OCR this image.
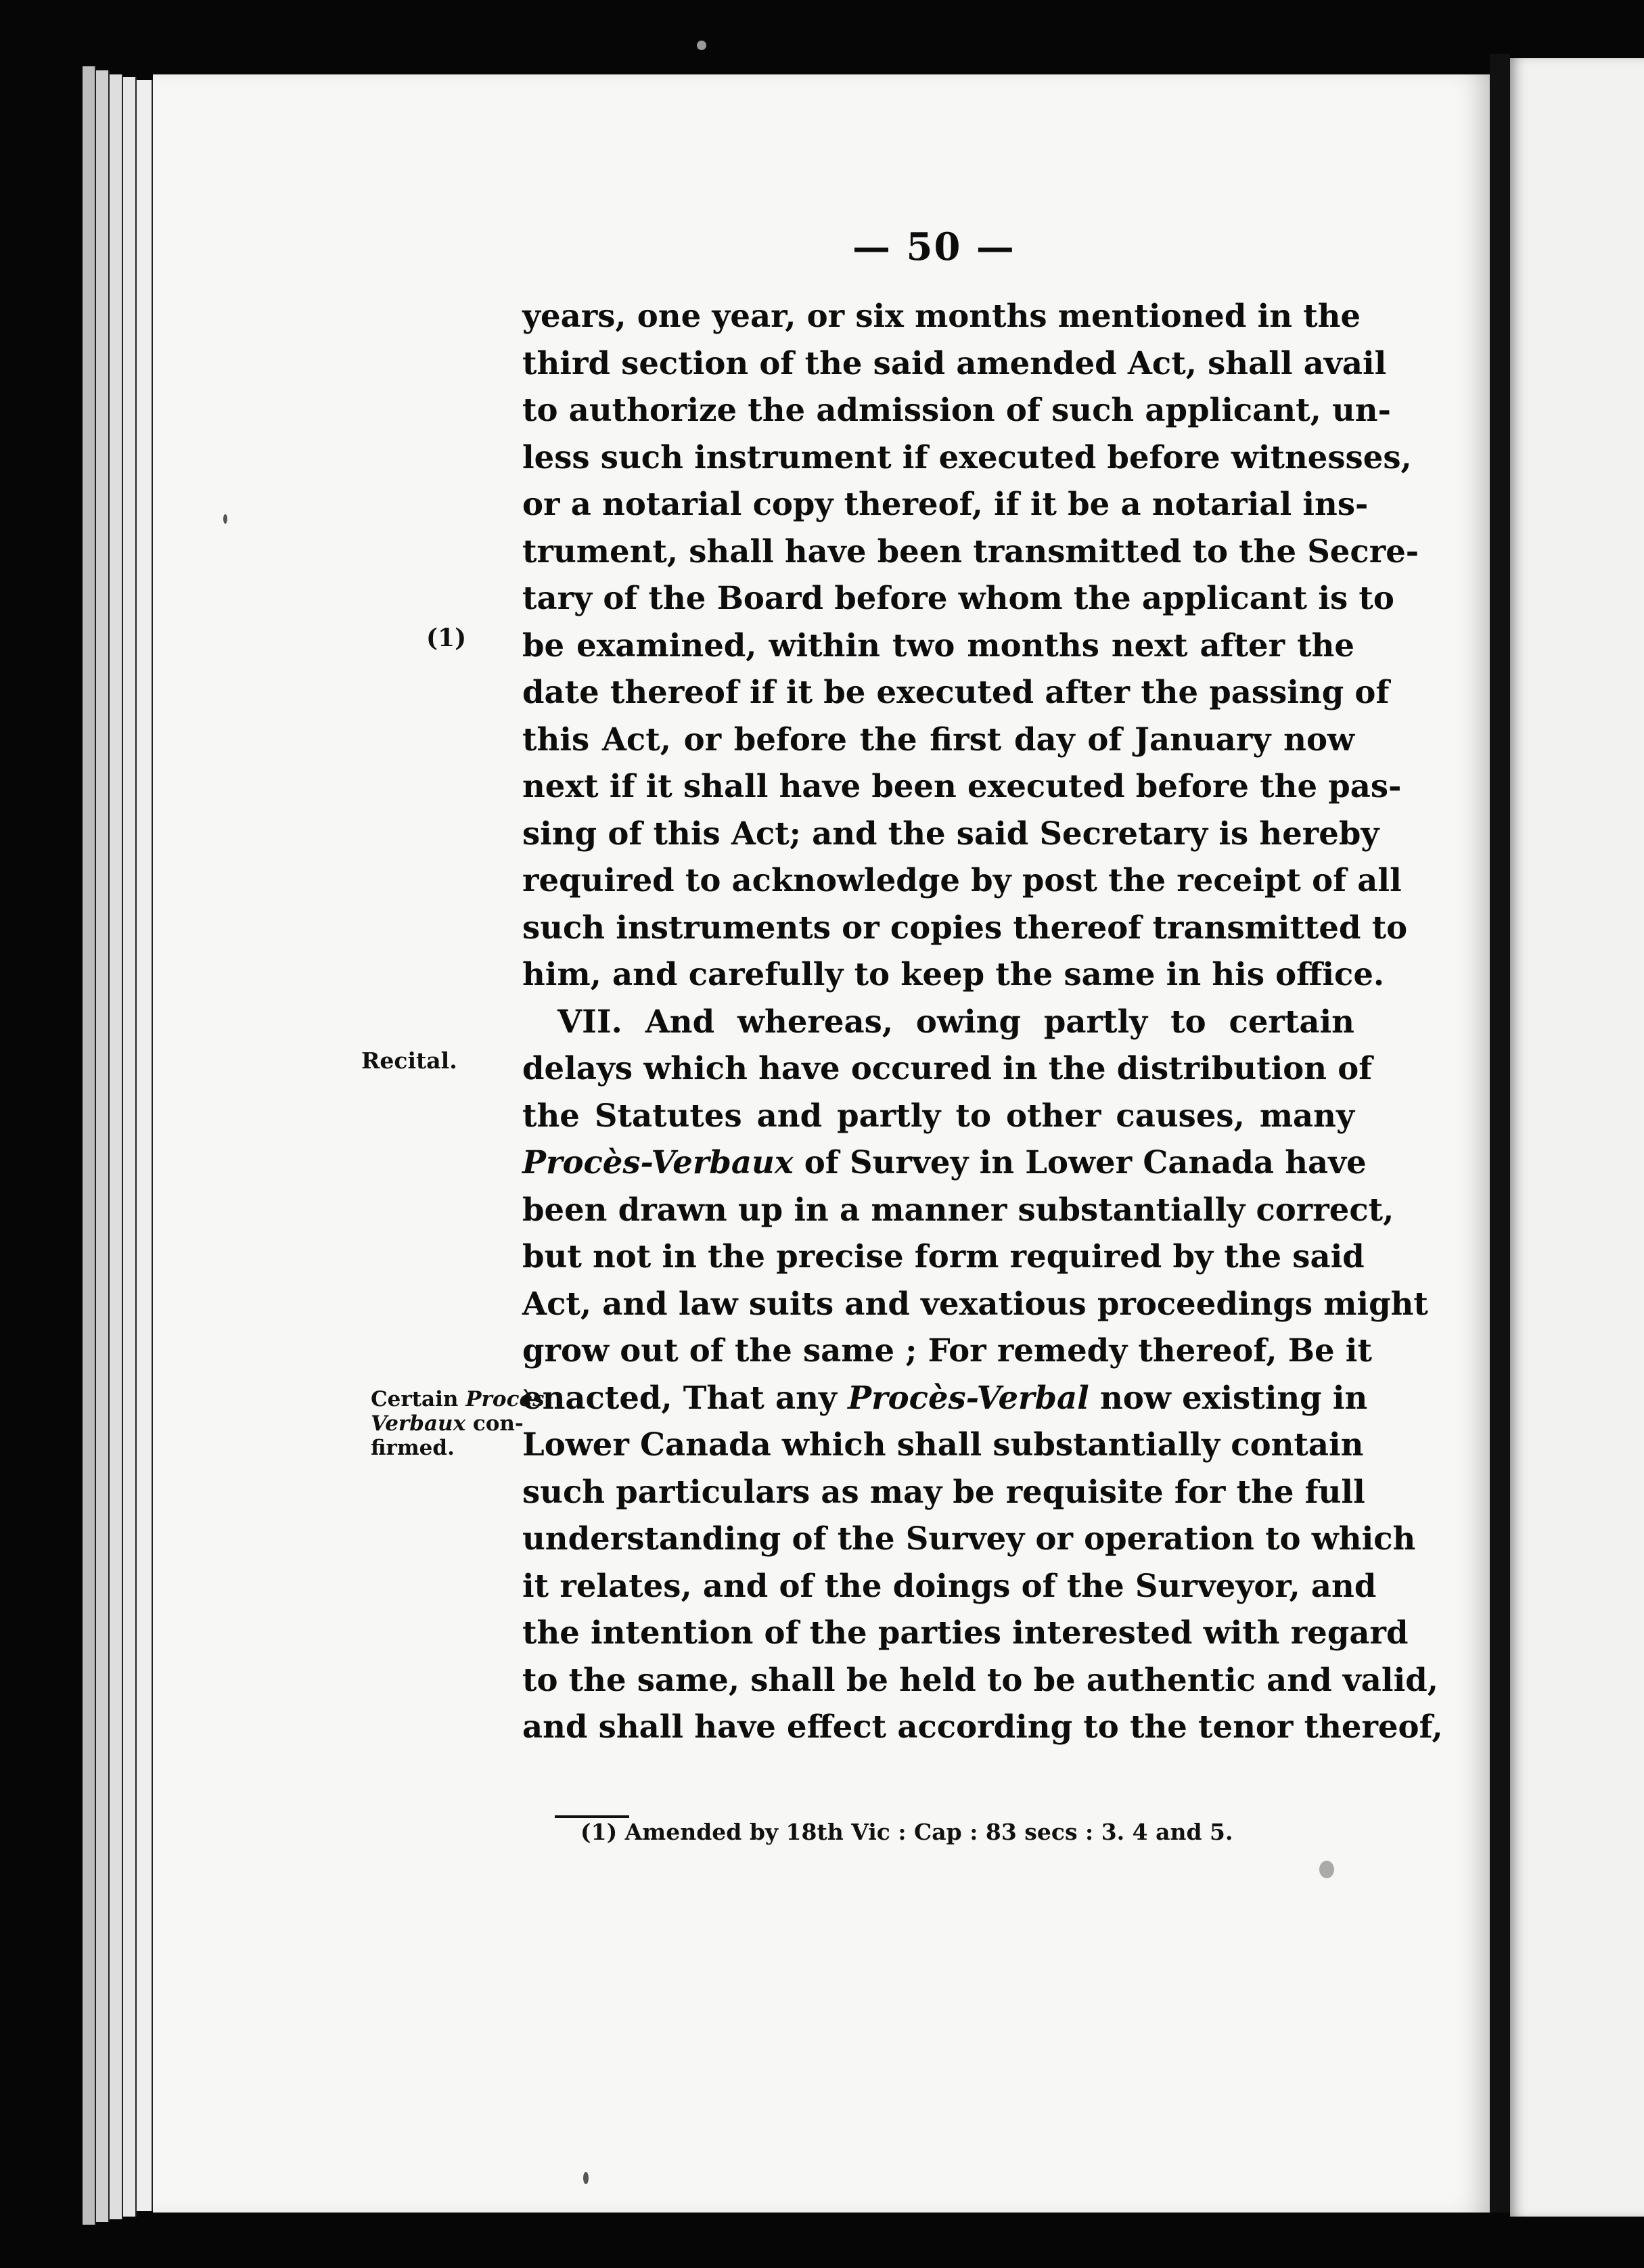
— 50 —
years, one year, or six months mentioned in the
third section of the said amended Act, shall avail
to authorize the admission of such applicant, un-
less such instrument if executed before witnesses,
or a notarial copy thereof, if it be a notarial ins-
trument, shall have been transmitted to the Secre-
tary of the Board before whom the applicant is to
be examined, within two months next after the
date thereof if it be executed after the passing of
this Act, or before the first day of January now
next if it shall have been executed before the pas-
sing of this Act; and the said Secretary is hereby
required to acknowledge by post the receipt of all
such instruments or copies thereof transmitted to
him, and carefully to keep the same in his office.
VII. And whereas, owing partly to certain
delays which have occured in the distribution of
the Statutes and partly to other causes, many
Procès-Verbaux of Survey in Lower Canada have
been drawn up in a manner substantially correct,
but not in the precise form required by the said
Act, and law suits and vexatious proceedings might
grow out of the same ; For remedy thereof, Be it
enacted, That any Procès-Verbal now existing in
Lower Canada which shall substantially contain
such particulars as may be requisite for the full
understanding of the Survey or operation to which
it relates, and of the doings of the Surveyor, and
the intention of the parties interested with regard
to the same, shall be held to be authentic and valid,
and shall have effect according to the tenor thereof,
(1)
Recital.
Certain Procès
Verbaux con-
firmed.
(1) Amended by 18th Vic : Cap : 83 secs : 3. 4 and 5.
